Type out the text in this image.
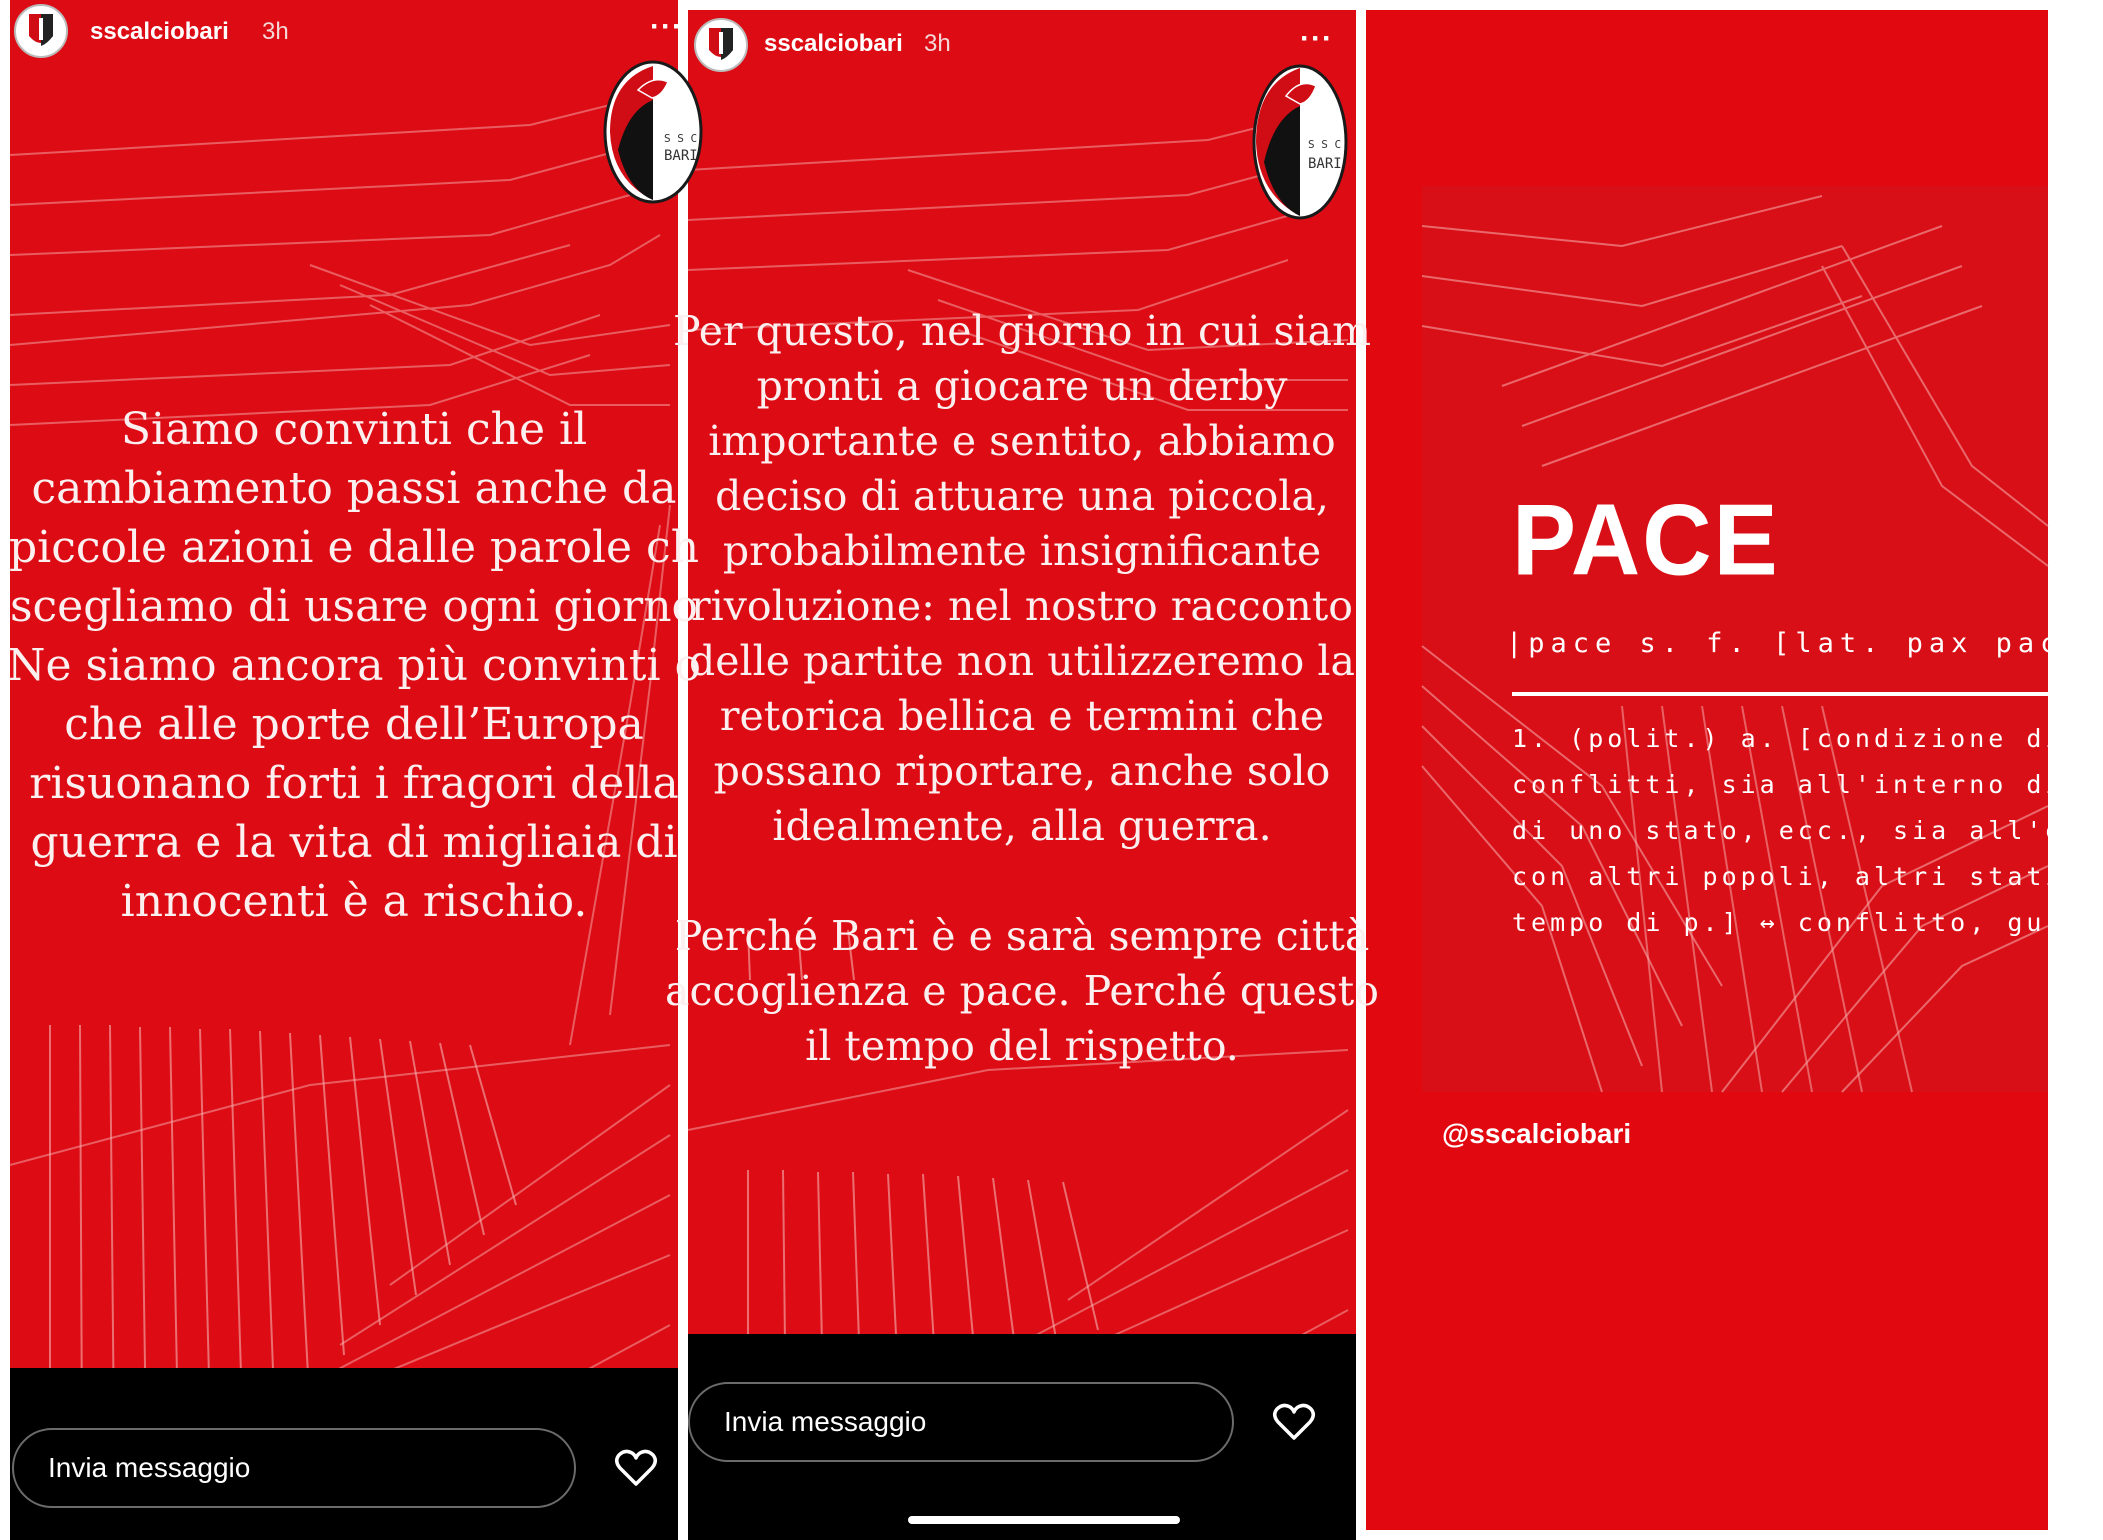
sscalciobari 3h	···
S S C
BARI
Siamo convinti che il
cambiamento passi anche da
piccole azioni e dalle parole ch
scegliamo di usare ogni giorno
Ne siamo ancora più convinti o
che alle porte dell’Europa
risuonano forti i fragori della
guerra e la vita di migliaia di
innocenti è a rischio.
Invia messaggio
sscalciobari 3h	···
S S C
BARI
Per questo, nel giorno in cui siam
pronti a giocare un derby
importante e sentito, abbiamo
deciso di attuare una piccola,
probabilmente insignificante
rivoluzione: nel nostro racconto
delle partite non utilizzeremo la
retorica bellica e termini che
possano riportare, anche solo
idealmente, alla guerra.

Perché Bari è e sarà sempre città
accoglienza e pace. Perché questo
il tempo del rispetto.
Invia messaggio
PACE
|pace s. f. [lat. pax pac
1. (polit.) a. [condizione di
conflitti, sia all'interno di u
di uno stato, ecc., sia all'es
con altri popoli, altri stati,
tempo di p.] ↔ conflitto, gu
@sscalciobari
